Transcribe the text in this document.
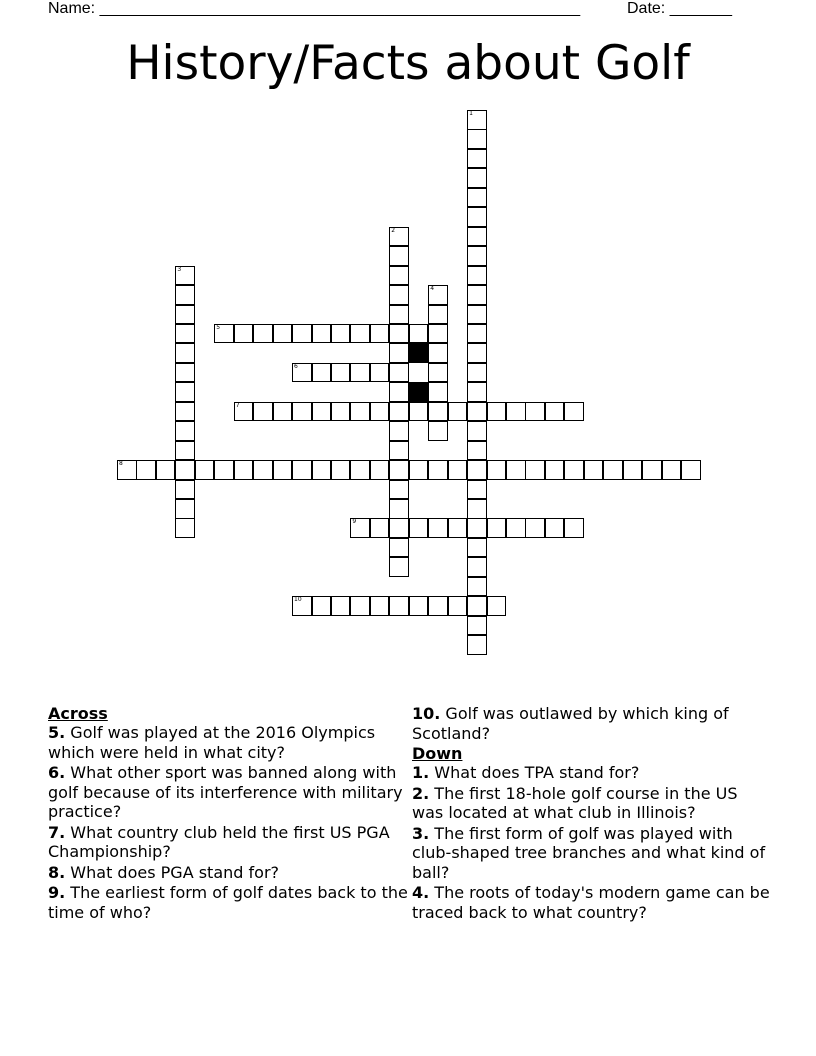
Name: ______________________________________________________	Date: _______
History/Facts about Golf
1
2
3
4
5
6
7
8
9
10

Across

5. Golf was played at the 2016 Olympics which were held in what city?

6. What other sport was banned along with golf because of its interference with military practice?

7. What country club held the first US PGA Championship?

8. What does PGA stand for?

9. The earliest form of golf dates back to the time of who?

10. Golf was outlawed by which king of Scotland?

Down

1. What does TPA stand for?

2. The first 18-hole golf course in the US was located at what club in Illinois?

3. The first form of golf was played with club-shaped tree branches and what kind of ball?

4. The roots of today's modern game can be traced back to what country?
